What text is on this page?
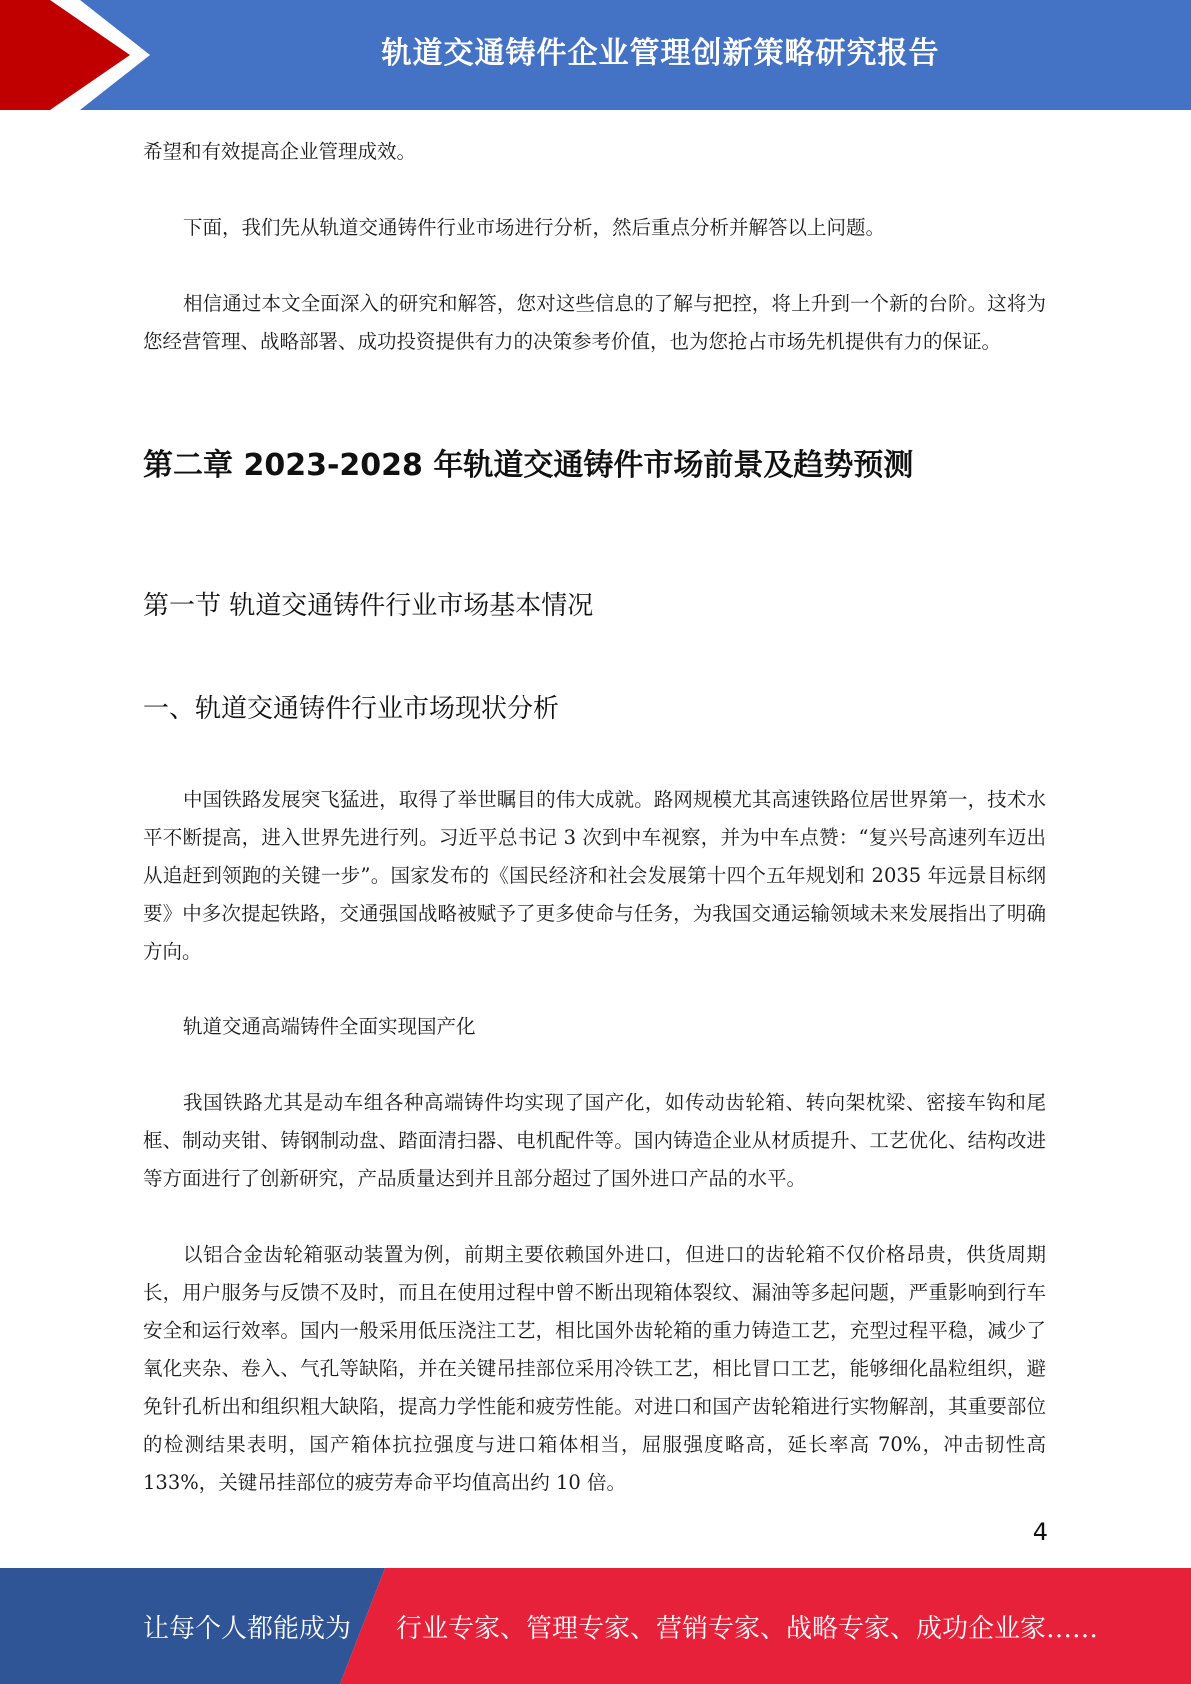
轨道交通铸件企业管理创新策略研究报告

希望和有效提高企业管理成效。

下面，我们先从轨道交通铸件行业市场进行分析，然后重点分析并解答以上问题。

相信通过本文全面深入的研究和解答，您对这些信息的了解与把控，将上升到一个新的台阶。这将为您经营管理、战略部署、成功投资提供有力的决策参考价值，也为您抢占市场先机提供有力的保证。

第二章 2023-2028 年轨道交通铸件市场前景及趋势预测
第一节 轨道交通铸件行业市场基本情况
一、轨道交通铸件行业市场现状分析

中国铁路发展突飞猛进，取得了举世瞩目的伟大成就。路网规模尤其高速铁路位居世界第一，技术水平不断提高，进入世界先进行列。习近平总书记 3 次到中车视察，并为中车点赞：“复兴号高速列车迈出从追赶到领跑的关键一步”。国家发布的《国民经济和社会发展第十四个五年规划和 2035 年远景目标纲要》中多次提起铁路，交通强国战略被赋予了更多使命与任务，为我国交通运输领域未来发展指出了明确方向。

轨道交通高端铸件全面实现国产化

我国铁路尤其是动车组各种高端铸件均实现了国产化，如传动齿轮箱、转向架枕梁、密接车钩和尾框、制动夹钳、铸钢制动盘、踏面清扫器、电机配件等。国内铸造企业从材质提升、工艺优化、结构改进等方面进行了创新研究，产品质量达到并且部分超过了国外进口产品的水平。

以铝合金齿轮箱驱动装置为例，前期主要依赖国外进口，但进口的齿轮箱不仅价格昂贵，供货周期长，用户服务与反馈不及时，而且在使用过程中曾不断出现箱体裂纹、漏油等多起问题，严重影响到行车安全和运行效率。国内一般采用低压浇注工艺，相比国外齿轮箱的重力铸造工艺，充型过程平稳，减少了氧化夹杂、卷入、气孔等缺陷，并在关键吊挂部位采用冷铁工艺，相比冒口工艺，能够细化晶粒组织，避免针孔析出和组织粗大缺陷，提高力学性能和疲劳性能。对进口和国产齿轮箱进行实物解剖，其重要部位的检测结果表明，国产箱体抗拉强度与进口箱体相当，屈服强度略高，延长率高 70%，冲击韧性高 133%，关键吊挂部位的疲劳寿命平均值高出约 10 倍。

4
让每个人都能成为 行业专家、管理专家、营销专家、战略专家、成功企业家……
